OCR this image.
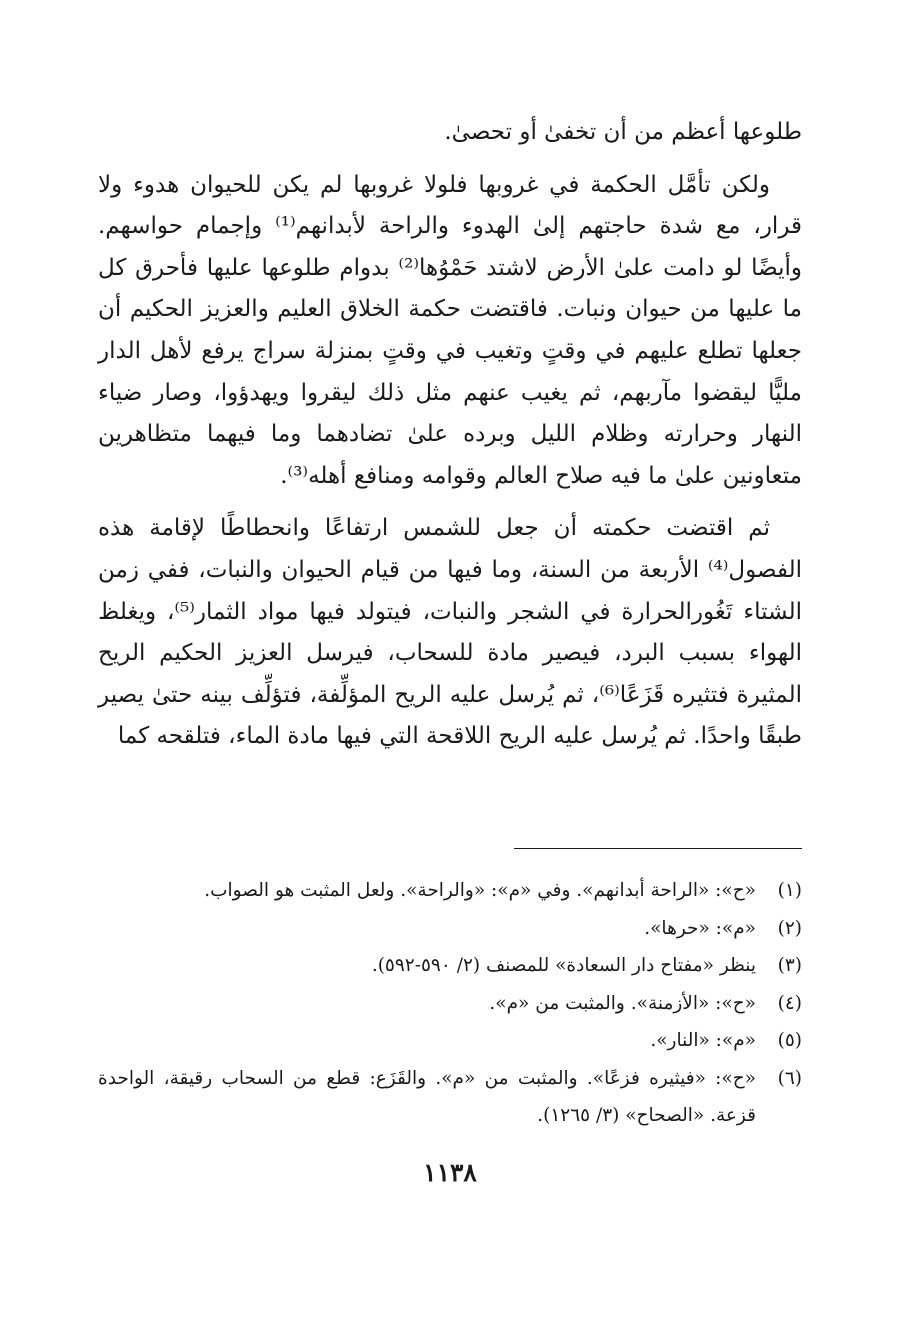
طلوعها أعظم من أن تخفىٰ أو تحصىٰ.

ولكن تأمَّل الحكمة في غروبها فلولا غروبها لم يكن للحيوان هدوء ولا قرار، مع شدة حاجتهم إلىٰ الهدوء والراحة لأبدانهم⁽¹⁾ وإجمام حواسهم. وأيضًا لو دامت علىٰ الأرض لاشتد حَمْوُها⁽²⁾ بدوام طلوعها عليها فأحرق كل ما عليها من حيوان ونبات. فاقتضت حكمة الخلاق العليم والعزيز الحكيم أن جعلها تطلع عليهم في وقتٍ وتغيب في وقتٍ بمنزلة سراج يرفع لأهل الدار مليًّا ليقضوا مآربهم، ثم يغيب عنهم مثل ذلك ليقروا ويهدؤوا، وصار ضياء النهار وحرارته وظلام الليل وبرده علىٰ تضادهما وما فيهما متظاهرين متعاونين علىٰ ما فيه صلاح العالم وقوامه ومنافع أهله⁽³⁾.

ثم اقتضت حكمته أن جعل للشمس ارتفاعًا وانحطاطًا لإقامة هذه الفصول⁽⁴⁾ الأربعة من السنة، وما فيها من قيام الحيوان والنبات، ففي زمن الشتاء تَغُورالحرارة في الشجر والنبات، فيتولد فيها مواد الثمار⁽⁵⁾، ويغلظ الهواء بسبب البرد، فيصير مادة للسحاب، فيرسل العزيز الحكيم الريح المثيرة فتثيره قَزَعًا⁽⁶⁾، ثم يُرسل عليه الريح المؤلِّفة، فتؤلِّف بينه حتىٰ يصير طبقًا واحدًا. ثم يُرسل عليه الريح اللاقحة التي فيها مادة الماء، فتلقحه كما

(١)
«ح»: «الراحة أبدانهم». وفي «م»: «والراحة». ولعل المثبت هو الصواب.
(٢)
«م»: «حرها».
(٣)
ينظر «مفتاح دار السعادة» للمصنف (٢/ ٥٩٠-٥٩٢).
(٤)
«ح»: «الأزمنة». والمثبت من «م».
(٥)
«م»: «النار».
(٦)
«ح»: «فيثيره فزعًا». والمثبت من «م». والقَزَع: قطع من السحاب رقيقة، الواحدة قزعة. «الصحاح» (٣/ ١٢٦٥).
١١٣٨
